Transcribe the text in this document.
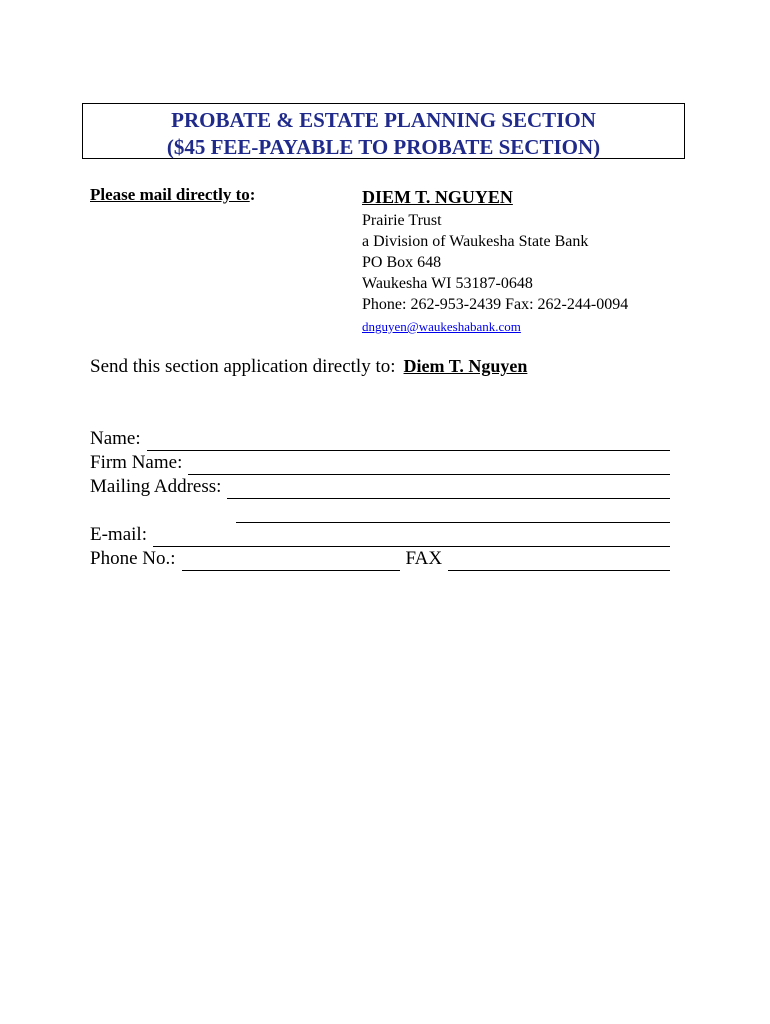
PROBATE & ESTATE PLANNING SECTION
($45 FEE-PAYABLE TO PROBATE SECTION)
Please mail directly to:	DIEM T. NGUYEN
Prairie Trust
a Division of Waukesha State Bank
PO Box 648
Waukesha WI 53187-0648
Phone: 262-953-2439 Fax: 262-244-0094
dnguyen@waukeshabank.com
Send this section application directly to: Diem T. Nguyen
Name:
Firm Name:
Mailing Address:
E-mail:
Phone No.:	FAX
